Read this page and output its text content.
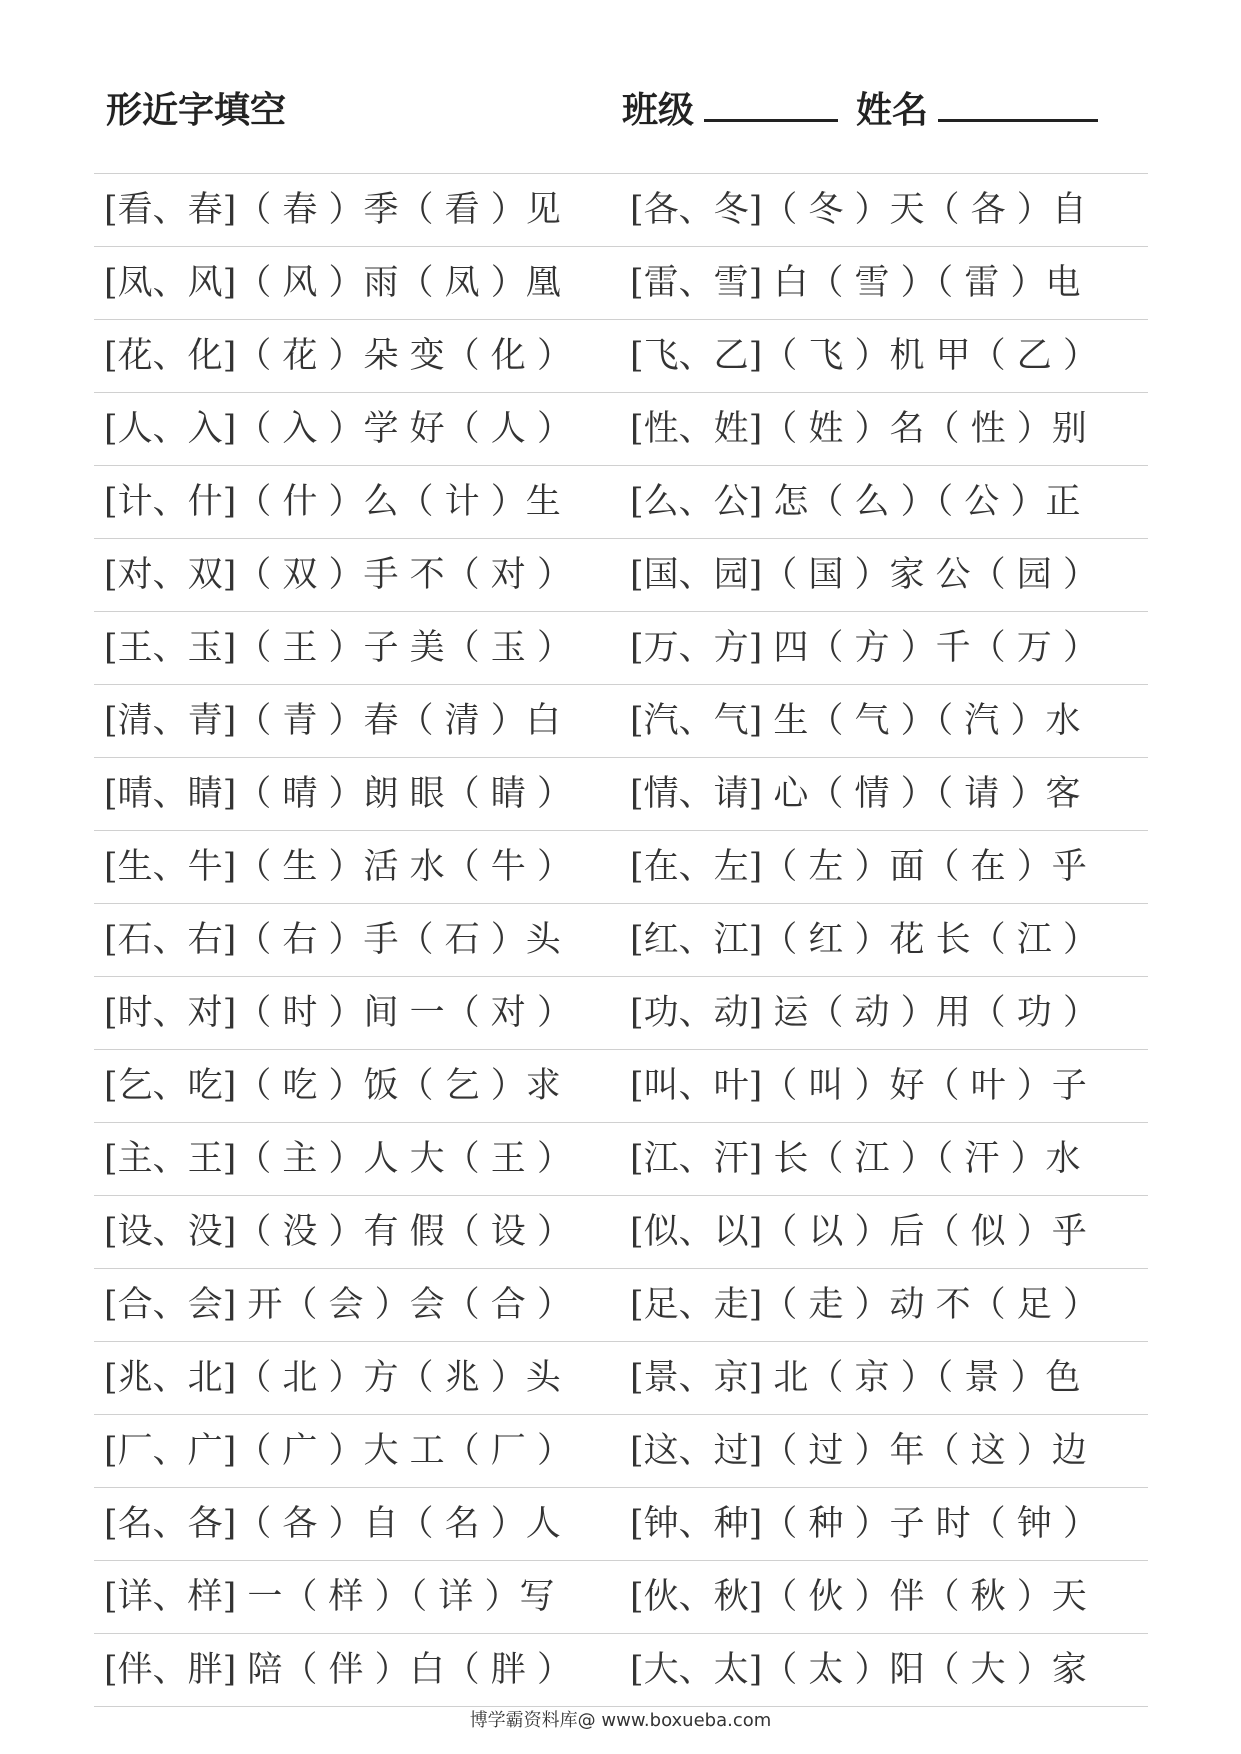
形近字填空	班级	姓名
[看、春]（ 春 ）季（ 看 ）见 [各、冬]（ 冬 ）天（ 各 ）自
[凤、风]（ 风 ）雨（ 凤 ）凰 [雷、雪] 白（ 雪 ）（ 雷 ）电
[花、化]（ 花 ）朵 变（ 化 ） [飞、乙]（ 飞 ）机 甲（ 乙 ）
[人、入]（ 入 ）学 好（ 人 ） [性、姓]（ 姓 ）名（ 性 ）别
[计、什]（ 什 ）么（ 计 ）生 [么、公] 怎（ 么 ）（ 公 ）正
[对、双]（ 双 ）手 不（ 对 ） [国、园]（ 国 ）家 公（ 园 ）
[王、玉]（ 王 ）子 美（ 玉 ） [万、方] 四（ 方 ）千（ 万 ）
[清、青]（ 青 ）春（ 清 ）白 [汽、气] 生（ 气 ）（ 汽 ）水
[晴、睛]（ 晴 ）朗 眼（ 睛 ） [情、请] 心（ 情 ）（ 请 ）客
[生、牛]（ 生 ）活 水（ 牛 ） [在、左]（ 左 ）面（ 在 ）乎
[石、右]（ 右 ）手（ 石 ）头 [红、江]（ 红 ）花 长（ 江 ）
[时、对]（ 时 ）间 一（ 对 ） [功、动] 运（ 动 ）用（ 功 ）
[乞、吃]（ 吃 ）饭（ 乞 ）求 [叫、叶]（ 叫 ）好（ 叶 ）子
[主、王]（ 主 ）人 大（ 王 ） [江、汗] 长（ 江 ）（ 汗 ）水
[设、没]（ 没 ）有 假（ 设 ） [似、以]（ 以 ）后（ 似 ）乎
[合、会] 开（ 会 ）会（ 合 ） [足、走]（ 走 ）动 不（ 足 ）
[兆、北]（ 北 ）方（ 兆 ）头 [景、京] 北（ 京 ）（ 景 ）色
[厂、广]（ 广 ）大 工（ 厂 ） [这、过]（ 过 ）年（ 这 ）边
[名、各]（ 各 ）自（ 名 ）人 [钟、种]（ 种 ）子 时（ 钟 ）
[详、样] 一（ 样 ）（ 详 ）写 [伙、秋]（ 伙 ）伴（ 秋 ）天
[伴、胖] 陪（ 伴 ）白（ 胖 ） [大、太]（ 太 ）阳（ 大 ）家
博学霸资料库@ www.boxueba.com
